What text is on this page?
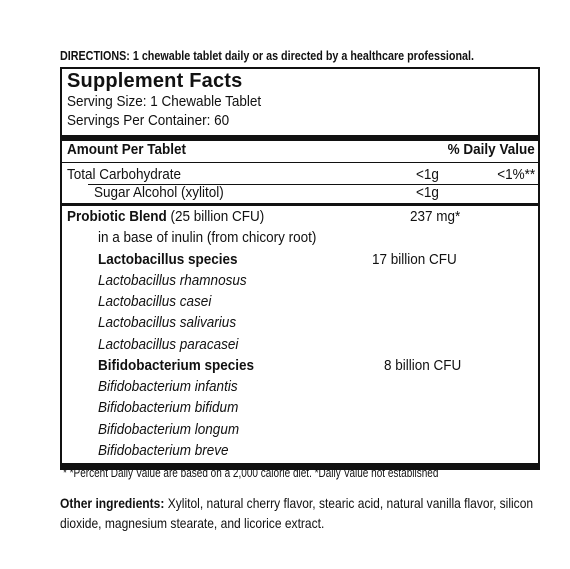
DIRECTIONS: 1 chewable tablet daily or as directed by a healthcare professional.
Supplement Facts
Serving Size: 1 Chewable Tablet
Servings Per Container: 60
Amount Per Tablet	% Daily Value
Total Carbohydrate	<1g	<1%**
Sugar Alcohol (xylitol)	<1g
Probiotic Blend (25 billion CFU)	237 mg*
in a base of inulin (from chicory root)
Lactobacillus species	17 billion CFU
Lactobacillus rhamnosus
Lactobacillus casei
Lactobacillus salivarius
Lactobacillus paracasei
Bifidobacterium species	8 billion CFU
Bifidobacterium infantis
Bifidobacterium bifidum
Bifidobacterium longum
Bifidobacterium breve
* *Percent Daily Value are based on a 2,000 calorie diet. *Daily Value not established
Other ingredients: Xylitol, natural cherry flavor, stearic acid, natural vanilla flavor, silicon dioxide, magnesium stearate, and licorice extract.
